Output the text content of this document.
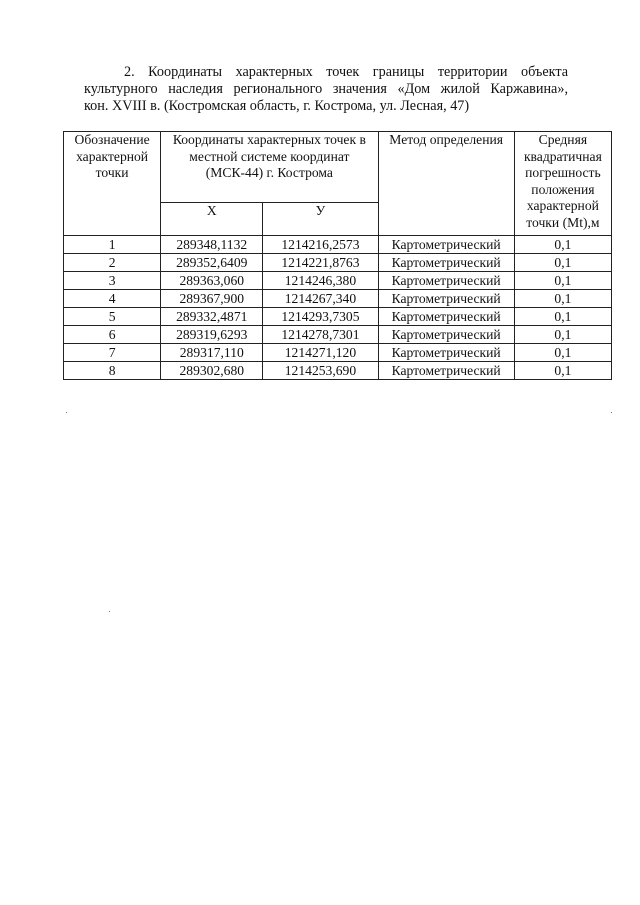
2. Координаты характерных точек границы территории объекта
культурного наследия регионального значения «Дом жилой Каржавина»,
кон. XVIII в. (Костромская область, г. Кострома, ул. Лесная, 47)
Обозначение характерной точки	Координаты характерных точек в местной системе координат (МСК-44) г. Кострома		Метод определения	Средняя квадратичная погрешность положения характерной точки (Mt),м
	X	У		
1	289348,1132	1214216,2573	Картометрический	0,1
2	289352,6409	1214221,8763	Картометрический	0,1
3	289363,060	1214246,380	Картометрический	0,1
4	289367,900	1214267,340	Картометрический	0,1
5	289332,4871	1214293,7305	Картометрический	0,1
6	289319,6293	1214278,7301	Картометрический	0,1
7	289317,110	1214271,120	Картометрический	0,1
8	289302,680	1214253,690	Картометрический	0,1
